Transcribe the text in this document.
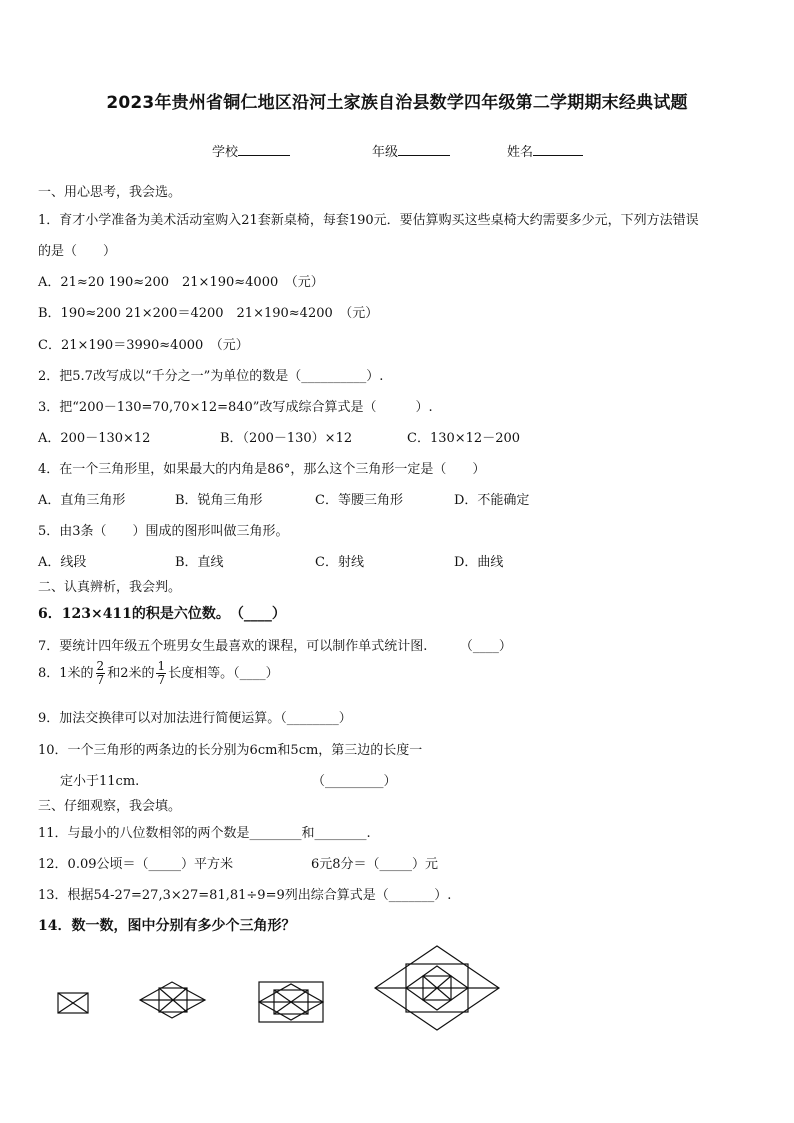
2023年贵州省铜仁地区沿河土家族自治县数学四年级第二学期期末经典试题
学校	年级	姓名
一、用心思考，我会选。
1．育才小学准备为美术活动室购入21套新桌椅，每套190元．要估算购买这些桌椅大约需要多少元，下列方法错误
的是（　　）
A．21≈20 190≈200　21×190≈4000　（元）
B．190≈200 21×200＝4200　21×190≈4200　（元）
C．21×190＝3990≈4000　（元）
2．把5.7改写成以“千分之一”为单位的数是（__________）.
3．把“200－130=70,70×12=840”改写成综合算式是（　　　）.
A．200－130×12	B．（200－130）×12	C．130×12－200
4．在一个三角形里，如果最大的内角是86°，那么这个三角形一定是（　　）
A．直角三角形	B．锐角三角形	C．等腰三角形	D．不能确定
5．由3条（　　）围成的图形叫做三角形。
A．线段	B．直线	C．射线	D．曲线
二、认真辨析，我会判。
6．123×411的积是六位数。　（____）
7．要统计四年级五个班男女生最喜欢的课程，可以制作单式统计图.　　　（____）
8．1米的 $\frac{2}{7}$ 和2米的 $\frac{1}{7}$ 长度相等。（____）
9．加法交换律可以对加法进行简便运算。（________）
10．一个三角形的两条边的长分别为6cm和5cm，第三边的长度一
定小于11cm.	（_________）
三、仔细观察，我会填。
11．与最小的八位数相邻的两个数是________和________.
12．0.09公顷＝（_____）平方米	6元8分＝（_____）元
13．根据54-27=27,3×27=81,81÷9=9列出综合算式是（_______）.
14．数一数，图中分别有多少个三角形？
